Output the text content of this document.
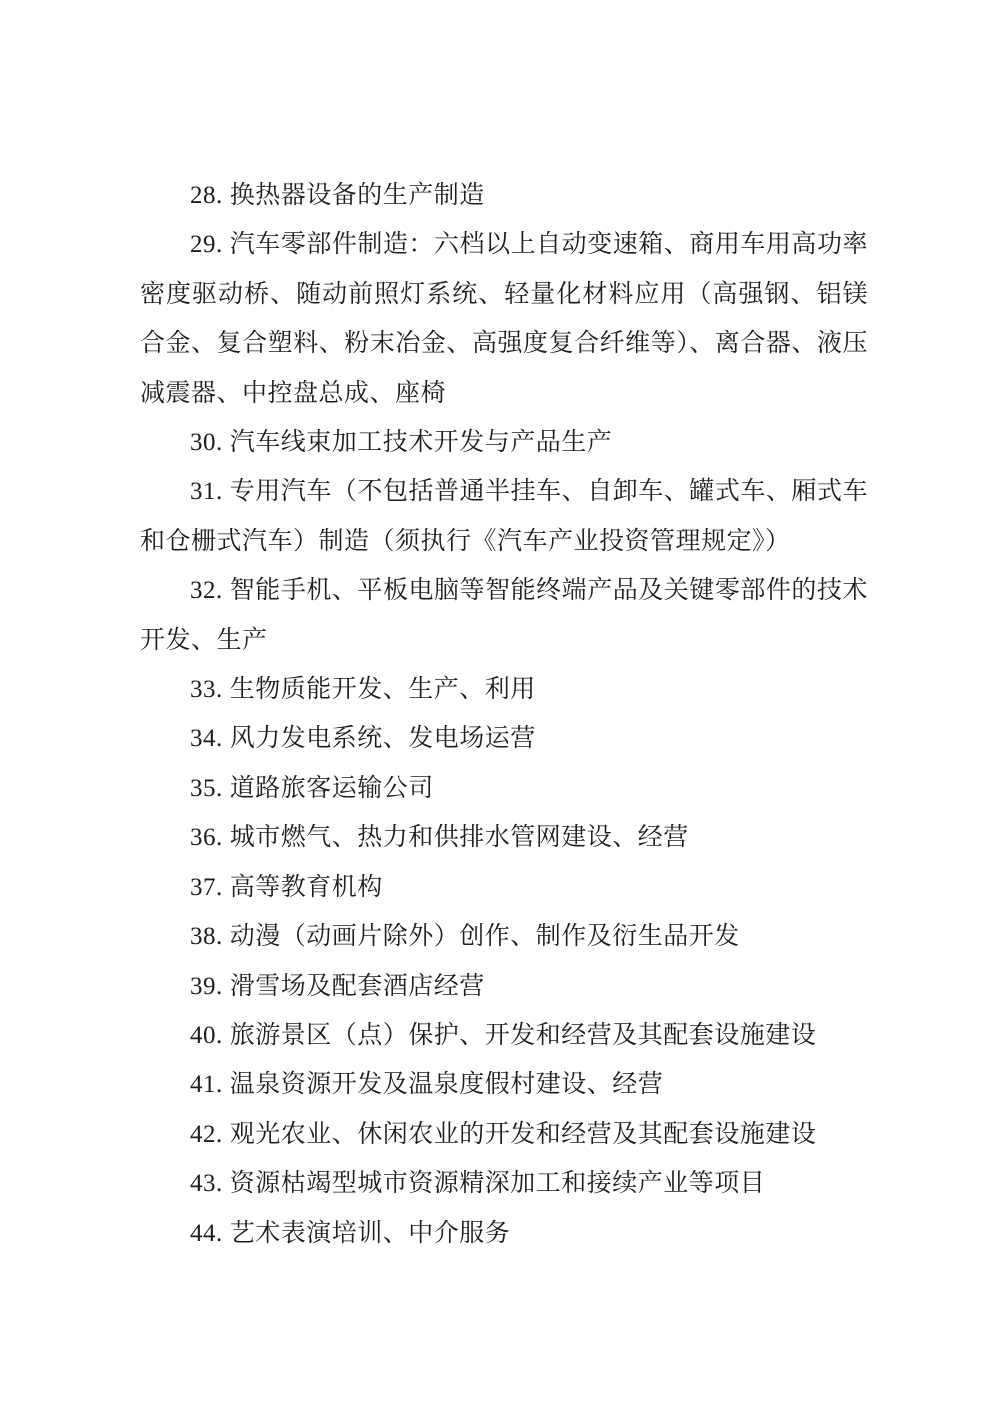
28. 换热器设备的生产制造

29. 汽车零部件制造：六档以上自动变速箱、商用车用高功率密度驱动桥、随动前照灯系统、轻量化材料应用（高强钢、铝镁合金、复合塑料、粉末冶金、高强度复合纤维等）、离合器、液压减震器、中控盘总成、座椅

30. 汽车线束加工技术开发与产品生产

31. 专用汽车（不包括普通半挂车、自卸车、罐式车、厢式车和仓栅式汽车）制造（须执行《汽车产业投资管理规定》）

32. 智能手机、平板电脑等智能终端产品及关键零部件的技术开发、生产

33. 生物质能开发、生产、利用

34. 风力发电系统、发电场运营

35. 道路旅客运输公司

36. 城市燃气、热力和供排水管网建设、经营

37. 高等教育机构

38. 动漫（动画片除外）创作、制作及衍生品开发

39. 滑雪场及配套酒店经营

40. 旅游景区（点）保护、开发和经营及其配套设施建设

41. 温泉资源开发及温泉度假村建设、经营

42. 观光农业、休闲农业的开发和经营及其配套设施建设

43. 资源枯竭型城市资源精深加工和接续产业等项目

44. 艺术表演培训、中介服务
